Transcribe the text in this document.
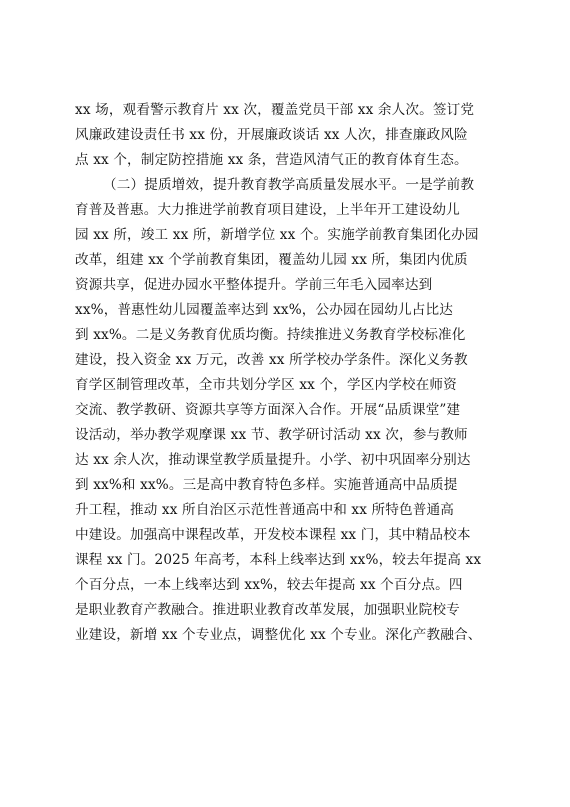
xx 场，观看警示教育片 xx 次，覆盖党员干部 xx 余人次。签订党
风廉政建设责任书 xx 份，开展廉政谈话 xx 人次，排查廉政风险
点 xx 个，制定防控措施 xx 条，营造风清气正的教育体育生态。
（二）提质增效，提升教育教学高质量发展水平。一是学前教
育普及普惠。大力推进学前教育项目建设，上半年开工建设幼儿
园 xx 所，竣工 xx 所，新增学位 xx 个。实施学前教育集团化办园
改革，组建 xx 个学前教育集团，覆盖幼儿园 xx 所，集团内优质
资源共享，促进办园水平整体提升。学前三年毛入园率达到
xx%，普惠性幼儿园覆盖率达到 xx%，公办园在园幼儿占比达
到 xx%。二是义务教育优质均衡。持续推进义务教育学校标准化
建设，投入资金 xx 万元，改善 xx 所学校办学条件。深化义务教
育学区制管理改革，全市共划分学区 xx 个，学区内学校在师资
交流、教学教研、资源共享等方面深入合作。开展“品质课堂”建
设活动，举办教学观摩课 xx 节、教学研讨活动 xx 次，参与教师
达 xx 余人次，推动课堂教学质量提升。小学、初中巩固率分别达
到 xx%和 xx%。三是高中教育特色多样。实施普通高中品质提
升工程，推动 xx 所自治区示范性普通高中和 xx 所特色普通高
中建设。加强高中课程改革，开发校本课程 xx 门，其中精品校本
课程 xx 门。2025 年高考，本科上线率达到 xx%，较去年提高 xx
个百分点，一本上线率达到 xx%，较去年提高 xx 个百分点。四
是职业教育产教融合。推进职业教育改革发展，加强职业院校专
业建设，新增 xx 个专业点，调整优化 xx 个专业。深化产教融合、
